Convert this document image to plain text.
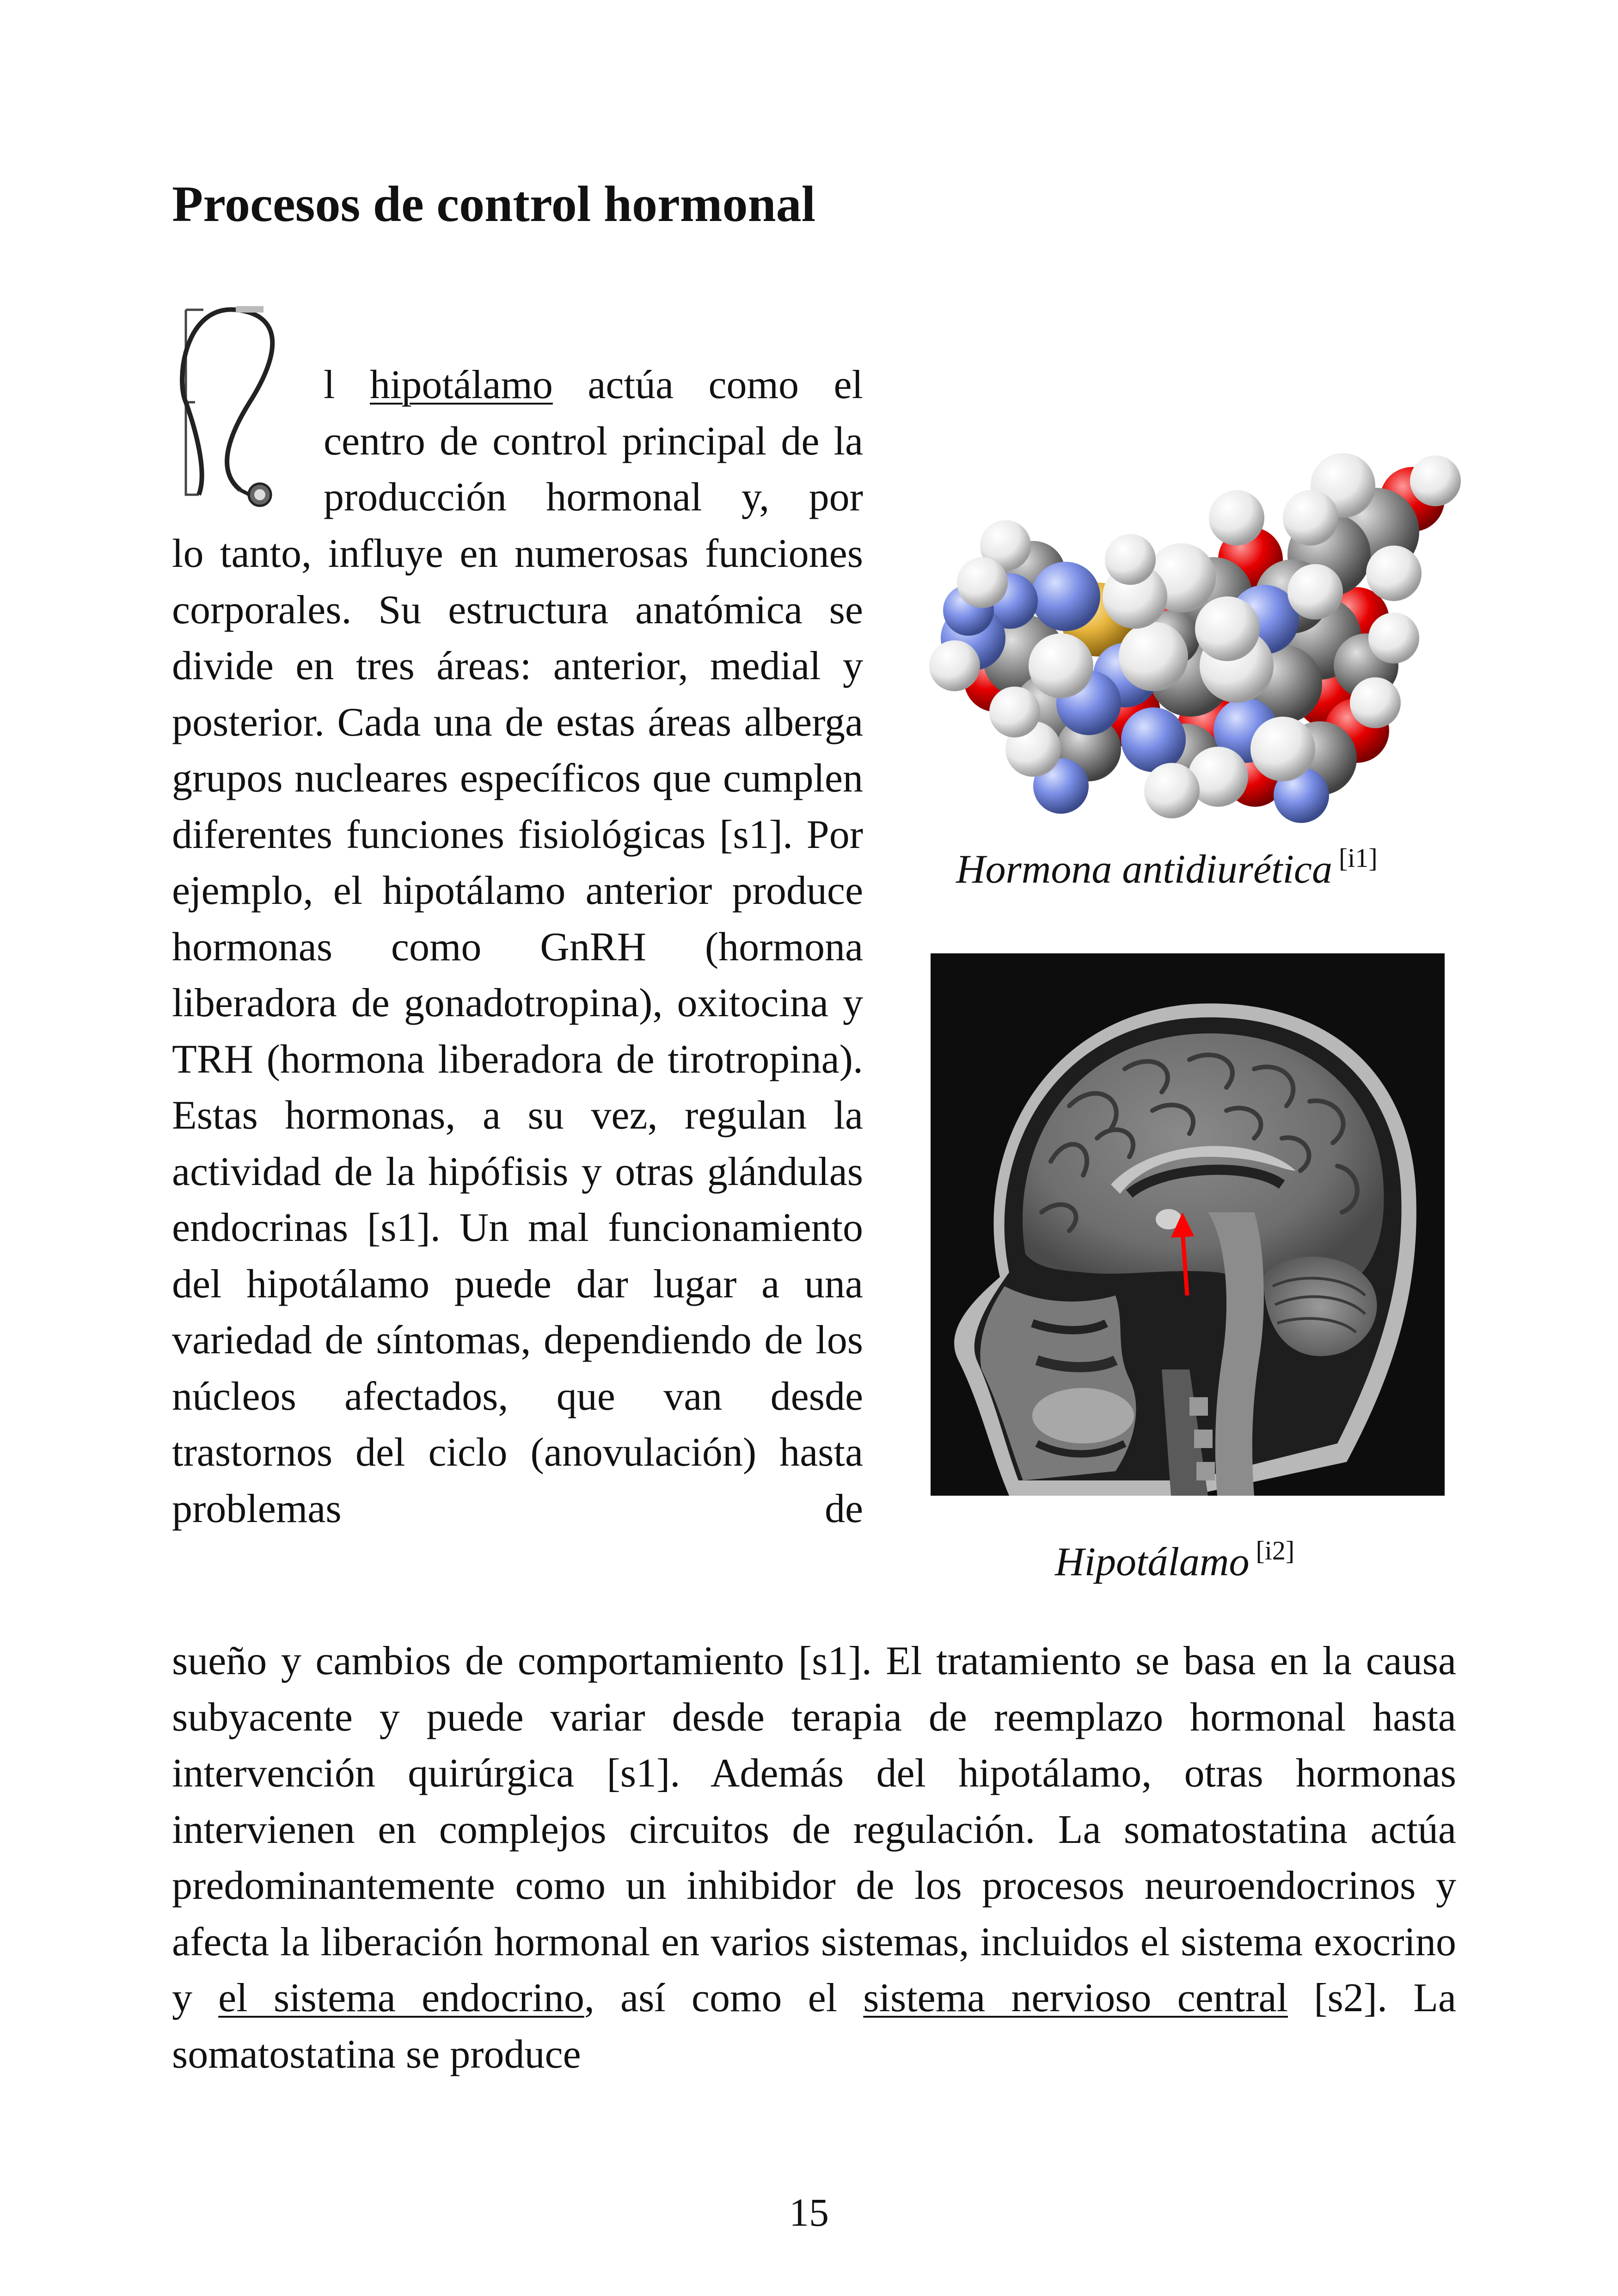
Procesos de control hormonal

l hipotálamo actúa como el centro de control principal de la producción hormonal y, por

lo tanto, influye en numerosas funciones corporales. Su estructura anatómica se divide en tres áreas: anterior, medial y posterior. Cada una de estas áreas alberga grupos nucleares específicos que cumplen diferentes funciones fisiológicas [s1]. Por ejemplo, el hipotálamo anterior produce hormonas como GnRH (hormona liberadora de gonadotropina), oxitocina y TRH (hormona liberadora de tirotropina). Estas hormonas, a su vez, regulan la actividad de la hipófisis y otras glándulas endocrinas [s1]. Un mal funcionamiento del hipotálamo puede dar lugar a una variedad de síntomas, dependiendo de los núcleos afectados, que van desde trastornos del ciclo (anovulación) hasta problemas de

sueño y cambios de comportamiento [s1]. El tratamiento se basa en la causa subyacente y puede variar desde terapia de reemplazo hormonal hasta intervención quirúrgica [s1]. Además del hipotálamo, otras hormonas intervienen en complejos circuitos de regulación. La somatostatina actúa predominantemente como un inhibidor de los procesos neuroendocrinos y afecta la liberación hormonal en varios sistemas, incluidos el sistema exocrino y el sistema endocrino, así como el sistema nervioso central [s2]. La somatostatina se produce

Hormona antidiurética [i1]
Hipotálamo [i2]
15
